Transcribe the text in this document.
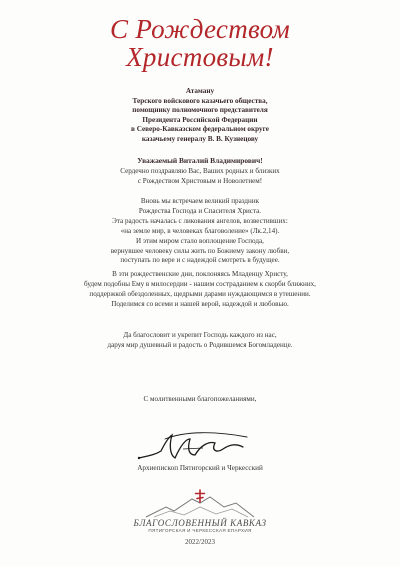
С Рождеством
Христовым!
Атаману
Терского войскового казачьего общества,
помощнику полномочного представителя
Президента Российской Федерации
в Северо-Кавказском федеральном округе
казачьему генералу В. В. Кузнецову
Уважаемый Виталий Владимирович!
Сердечно поздравляю Вас, Ваших родных и близких
с Рождеством Христовым и Новолетием!
Вновь мы встречаем великий праздник
Рождества Господа и Спасителя Христа.
Эта радость началась с ликования ангелов, возвестивших:
«на земле мир, в человеках благоволение» (Лк.2,14).
И этим миром стало воплощение Господа,
вернувшее человеку силы жить по Божиему закону любви,
поступать по вере и с надеждой смотреть в будущее.
В эти рождественские дни, поклоняясь Младенцу Христу,
будем подобны Ему в милосердии - нашим состраданием к скорби ближних,
поддержкой обездоленных, щедрыми дарами нуждающимся в утешении.
Поделимся со всеми и нашей верой, надеждой и любовью.
Да благословит и укрепит Господь каждого из нас,
даруя мир душевный и радость о Родившемся Богомладенце.
С молитвенными благопожеланиями,
Архиепископ Пятигорский и Черкесский
БЛАГОСЛОВЕННЫЙ КАВКАЗ
ПЯТИГОРСКАЯ И ЧЕРКЕССКАЯ ЕПАРХИЯ
2022/2023
